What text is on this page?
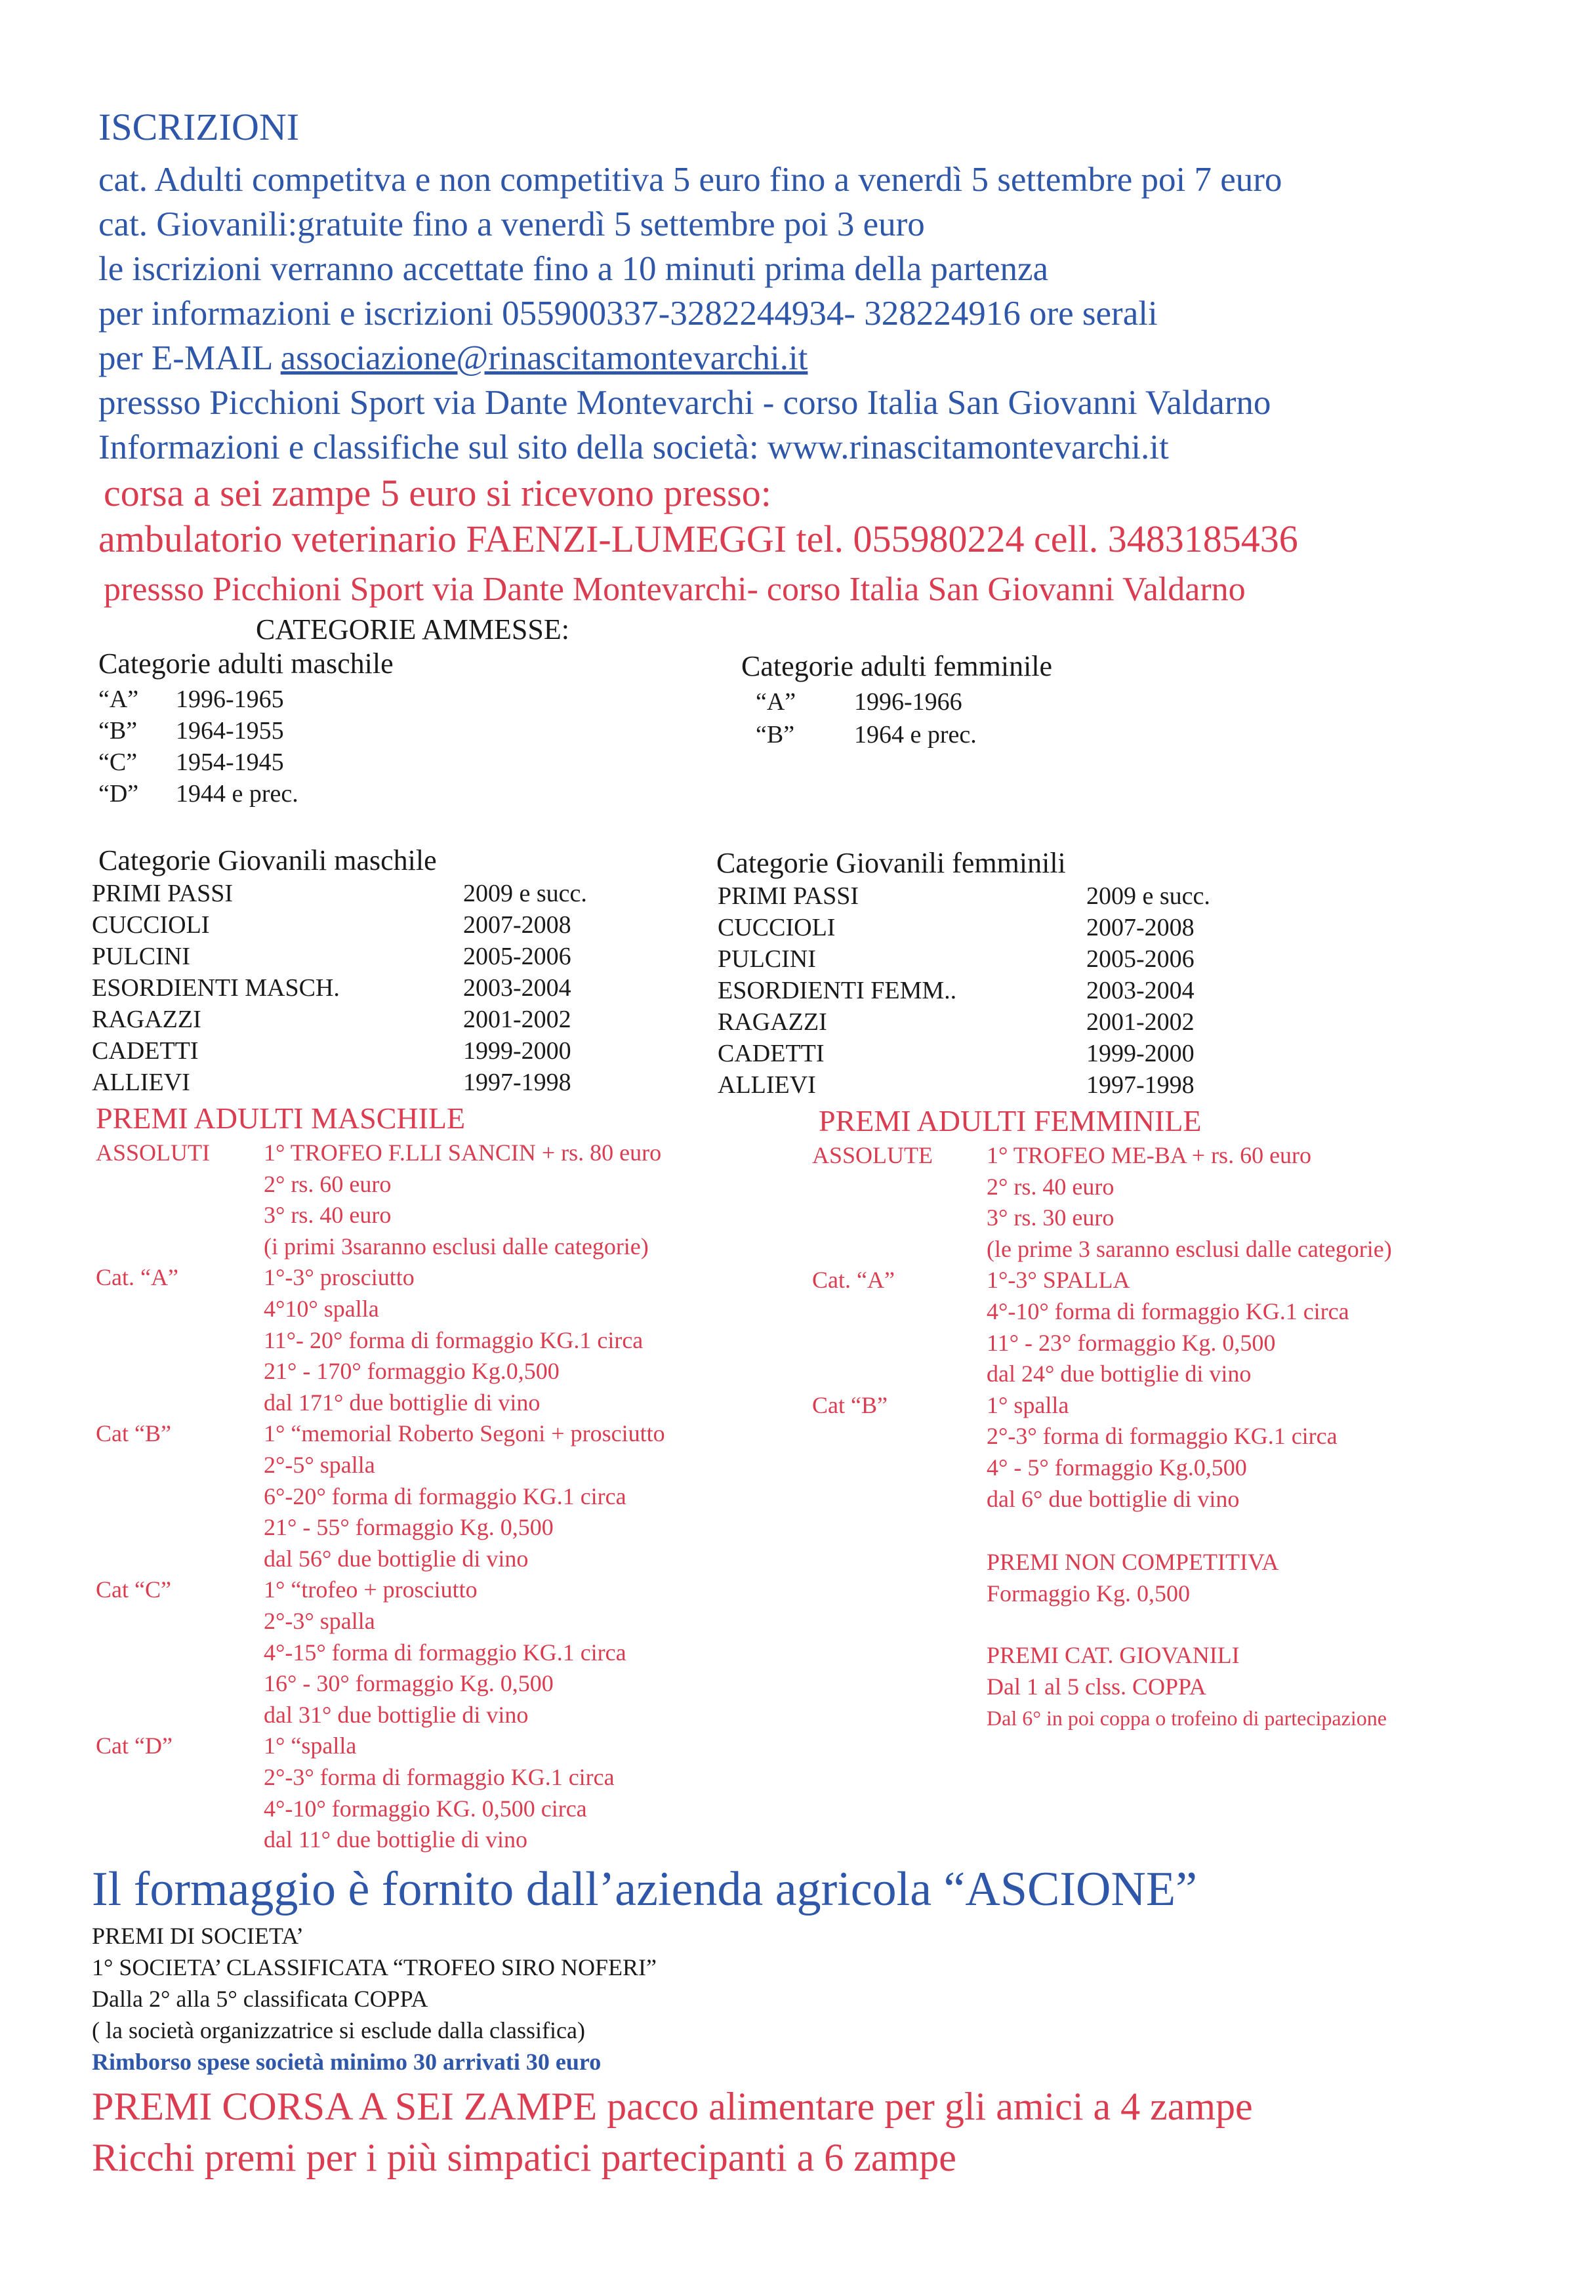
ISCRIZIONI
cat. Adulti competitva e non competitiva 5 euro fino a venerdì 5 settembre poi 7 euro
cat. Giovanili:gratuite fino a venerdì 5 settembre poi 3 euro
le iscrizioni verranno accettate fino a 10 minuti prima della partenza
per informazioni e iscrizioni 055900337-3282244934- 328224916 ore serali
per E-MAIL associazione@rinascitamontevarchi.it
pressso Picchioni Sport via Dante Montevarchi - corso Italia San Giovanni Valdarno
Informazioni e classifiche sul sito della società: www.rinascitamontevarchi.it
corsa a sei zampe 5 euro si ricevono presso:
ambulatorio veterinario FAENZI-LUMEGGI tel. 055980224 cell. 3483185436
pressso Picchioni Sport via Dante Montevarchi- corso Italia San Giovanni Valdarno
CATEGORIE AMMESSE:
Categorie adulti maschile
“A” 1996-1965
“B” 1964-1955
“C” 1954-1945
“D” 1944 e prec.
Categorie adulti femminile
“A” 1996-1966
“B” 1964 e prec.
Categorie Giovanili maschile
PRIMI PASSI	2009 e succ.
CUCCIOLI	2007-2008
PULCINI	2005-2006
ESORDIENTI MASCH.	2003-2004
RAGAZZI	2001-2002
CADETTI	1999-2000
ALLIEVI	1997-1998
Categorie Giovanili femminili
PRIMI PASSI	2009 e succ.
CUCCIOLI	2007-2008
PULCINI	2005-2006
ESORDIENTI FEMM..	2003-2004
RAGAZZI	2001-2002
CADETTI	1999-2000
ALLIEVI	1997-1998
PREMI ADULTI MASCHILE
ASSOLUTI 1° TROFEO F.LLI SANCIN + rs. 80 euro
2° rs. 60 euro
3° rs. 40 euro
(i primi 3saranno esclusi dalle categorie)
Cat. “A”	1°-3° prosciutto
4°10° spalla
11°- 20° forma di formaggio KG.1 circa
21° - 170° formaggio Kg.0,500
dal 171° due bottiglie di vino
Cat “B”	1° “memorial Roberto Segoni + prosciutto
2°-5° spalla
6°-20° forma di formaggio KG.1 circa
21° - 55° formaggio Kg. 0,500
dal 56° due bottiglie di vino
Cat “C”	1° “trofeo + prosciutto
2°-3° spalla
4°-15° forma di formaggio KG.1 circa
16° - 30° formaggio Kg. 0,500
dal 31° due bottiglie di vino
Cat “D”	1° “spalla
2°-3° forma di formaggio KG.1 circa
4°-10° formaggio KG. 0,500 circa
dal 11° due bottiglie di vino
PREMI ADULTI FEMMINILE
ASSOLUTE 1° TROFEO ME-BA + rs. 60 euro
2° rs. 40 euro
3° rs. 30 euro
(le prime 3 saranno esclusi dalle categorie)
Cat. “A”	1°-3° SPALLA
4°-10° forma di formaggio KG.1 circa
11° - 23° formaggio Kg. 0,500
dal 24° due bottiglie di vino
Cat “B”	1° spalla
2°-3° forma di formaggio KG.1 circa
4° - 5° formaggio Kg.0,500
dal 6° due bottiglie di vino
PREMI NON COMPETITIVA
Formaggio Kg. 0,500
PREMI CAT. GIOVANILI
Dal 1 al 5 clss. COPPA
Dal 6° in poi coppa o trofeino di partecipazione
Il formaggio è fornito dall’azienda agricola “ASCIONE”
PREMI DI SOCIETA’
1° SOCIETA’ CLASSIFICATA “TROFEO SIRO NOFERI”
Dalla 2° alla 5° classificata COPPA
( la società organizzatrice si esclude dalla classifica)
Rimborso spese società minimo 30 arrivati 30 euro
PREMI CORSA A SEI ZAMPE pacco alimentare per gli amici a 4 zampe
Ricchi premi per i più simpatici partecipanti a 6 zampe
